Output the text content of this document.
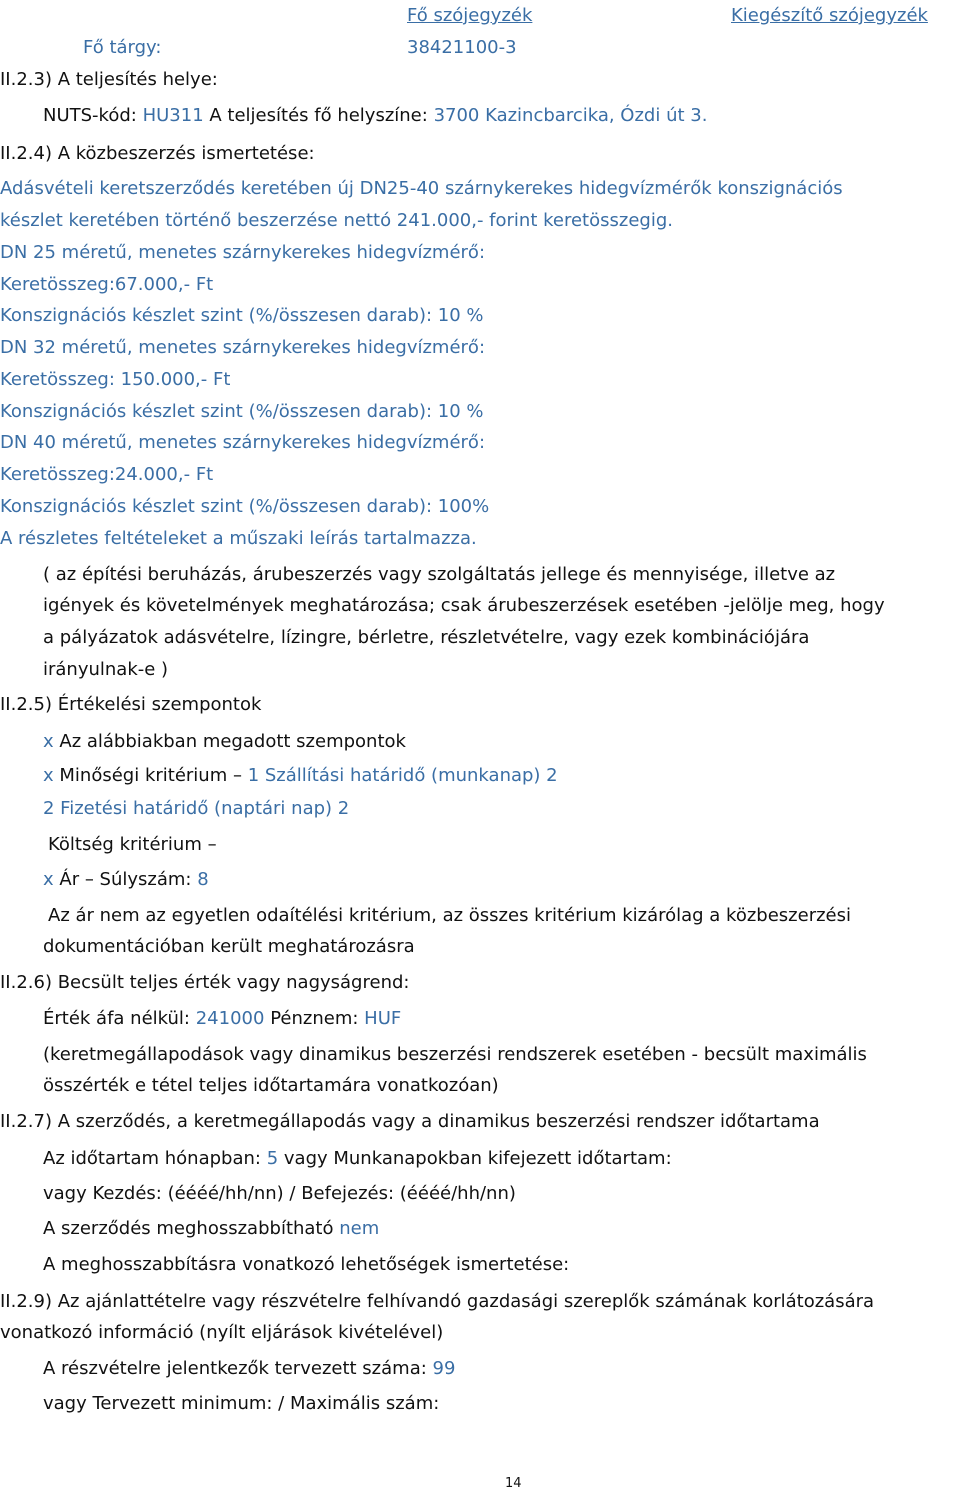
Fő szójegyzék	Kiegészítő szójegyzék
Fő tárgy:	38421100-3
II.2.3) A teljesítés helye:
NUTS-kód: HU311 A teljesítés fő helyszíne: 3700 Kazincbarcika, Ózdi út 3.
II.2.4) A közbeszerzés ismertetése:
Adásvételi keretszerződés keretében új DN25-40 szárnykerekes hidegvízmérők konszignációs
készlet keretében történő beszerzése nettó 241.000,- forint keretösszegig.
DN 25 méretű, menetes szárnykerekes hidegvízmérő:
Keretösszeg:67.000,- Ft
Konszignációs készlet szint (%/összesen darab): 10 %
DN 32 méretű, menetes szárnykerekes hidegvízmérő:
Keretösszeg: 150.000,- Ft
Konszignációs készlet szint (%/összesen darab): 10 %
DN 40 méretű, menetes szárnykerekes hidegvízmérő:
Keretösszeg:24.000,- Ft
Konszignációs készlet szint (%/összesen darab): 100%
A részletes feltételeket a műszaki leírás tartalmazza.
( az építési beruházás, árubeszerzés vagy szolgáltatás jellege és mennyisége, illetve az
igények és követelmények meghatározása; csak árubeszerzések esetében -jelölje meg, hogy
a pályázatok adásvételre, lízingre, bérletre, részletvételre, vagy ezek kombinációjára
irányulnak-e )
II.2.5) Értékelési szempontok
x Az alábbiakban megadott szempontok
x Minőségi kritérium – 1 Szállítási határidő (munkanap) 2
2 Fizetési határidő (naptári nap) 2
Költség kritérium –
x Ár – Súlyszám: 8
Az ár nem az egyetlen odaítélési kritérium, az összes kritérium kizárólag a közbeszerzési
dokumentációban került meghatározásra
II.2.6) Becsült teljes érték vagy nagyságrend:
Érték áfa nélkül: 241000 Pénznem: HUF
(keretmegállapodások vagy dinamikus beszerzési rendszerek esetében - becsült maximális
összérték e tétel teljes időtartamára vonatkozóan)
II.2.7) A szerződés, a keretmegállapodás vagy a dinamikus beszerzési rendszer időtartama
Az időtartam hónapban: 5 vagy Munkanapokban kifejezett időtartam:
vagy Kezdés: (éééé/hh/nn) / Befejezés: (éééé/hh/nn)
A szerződés meghosszabbítható nem
A meghosszabbításra vonatkozó lehetőségek ismertetése:
II.2.9) Az ajánlattételre vagy részvételre felhívandó gazdasági szereplők számának korlátozására
vonatkozó információ (nyílt eljárások kivételével)
A részvételre jelentkezők tervezett száma: 99
vagy Tervezett minimum: / Maximális szám:
14
